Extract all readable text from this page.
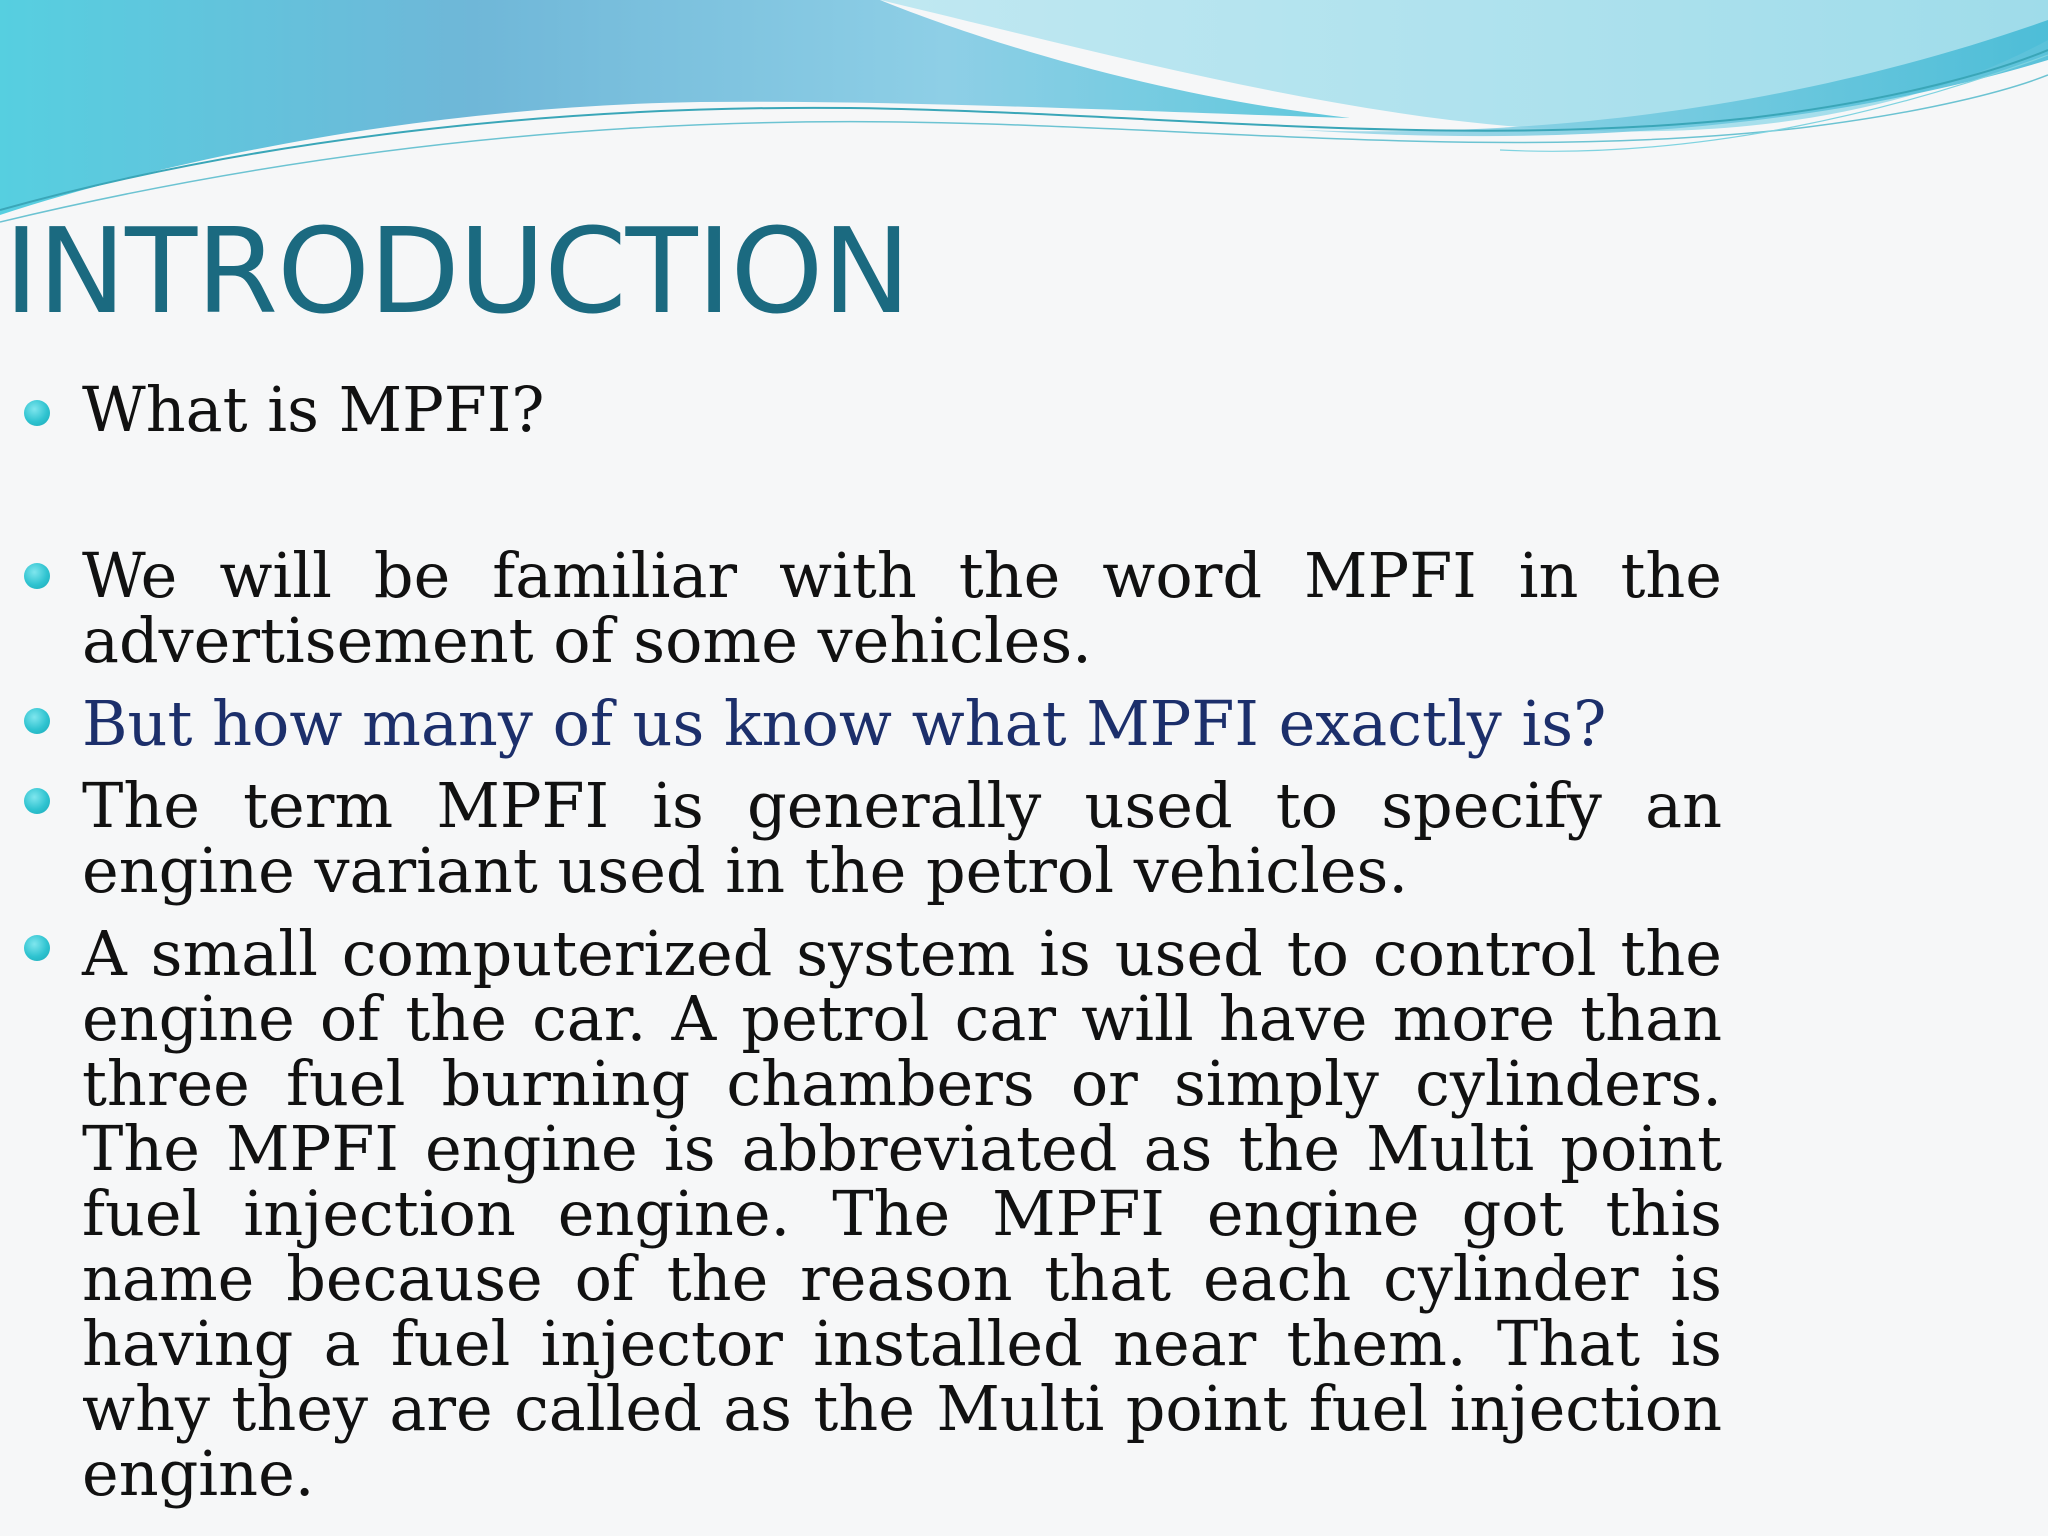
INTRODUCTION
What is MPFI?
We will be familiar with the word MPFI in the advertisement of some vehicles.
But how many of us know what MPFI exactly is?
The term MPFI is generally used to specify an engine variant used in the petrol vehicles.
A small computerized system is used to control the engine of the car. A petrol car will have more than three fuel burning chambers or simply cylinders. The MPFI engine is abbreviated as the Multi point fuel injection engine. The MPFI engine got this name because of the reason that each cylinder is having a fuel injector installed near them. That is why they are called as the Multi point fuel injection engine.
